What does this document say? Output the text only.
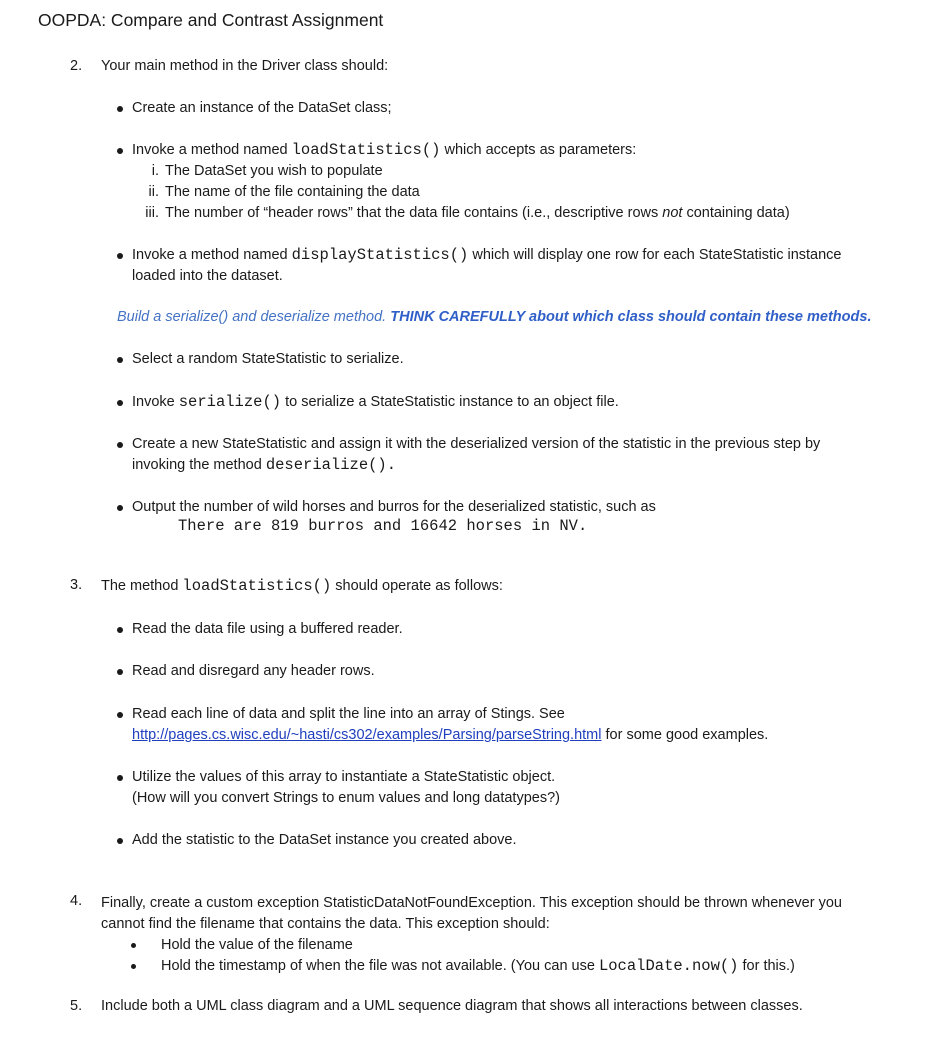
OOPDA: Compare and Contrast Assignment
2. Your main method in the Driver class should:
Create an instance of the DataSet class;
Invoke a method named loadStatistics() which accepts as parameters:
i. The DataSet you wish to populate
ii. The name of the file containing the data
iii. The number of “header rows” that the data file contains (i.e., descriptive rows not containing data)
Invoke a method named displayStatistics() which will display one row for each StateStatistic instance
loaded into the dataset.
Build a serialize() and deserialize method. THINK CAREFULLY about which class should contain these methods.
Select a random StateStatistic to serialize.
Invoke serialize() to serialize a StateStatistic instance to an object file.
Create a new StateStatistic and assign it with the deserialized version of the statistic in the previous step by
invoking the method deserialize().
Output the number of wild horses and burros for the deserialized statistic, such as
There are 819 burros and 16642 horses in NV.
3. The method loadStatistics() should operate as follows:
Read the data file using a buffered reader.
Read and disregard any header rows.
Read each line of data and split the line into an array of Stings. See
http://pages.cs.wisc.edu/~hasti/cs302/examples/Parsing/parseString.html for some good examples.
Utilize the values of this array to instantiate a StateStatistic object.
(How will you convert Strings to enum values and long datatypes?)
Add the statistic to the DataSet instance you created above.
4. Finally, create a custom exception StatisticDataNotFoundException. This exception should be thrown whenever you
cannot find the filename that contains the data. This exception should:
Hold the value of the filename
Hold the timestamp of when the file was not available. (You can use LocalDate.now() for this.)
5. Include both a UML class diagram and a UML sequence diagram that shows all interactions between classes.
